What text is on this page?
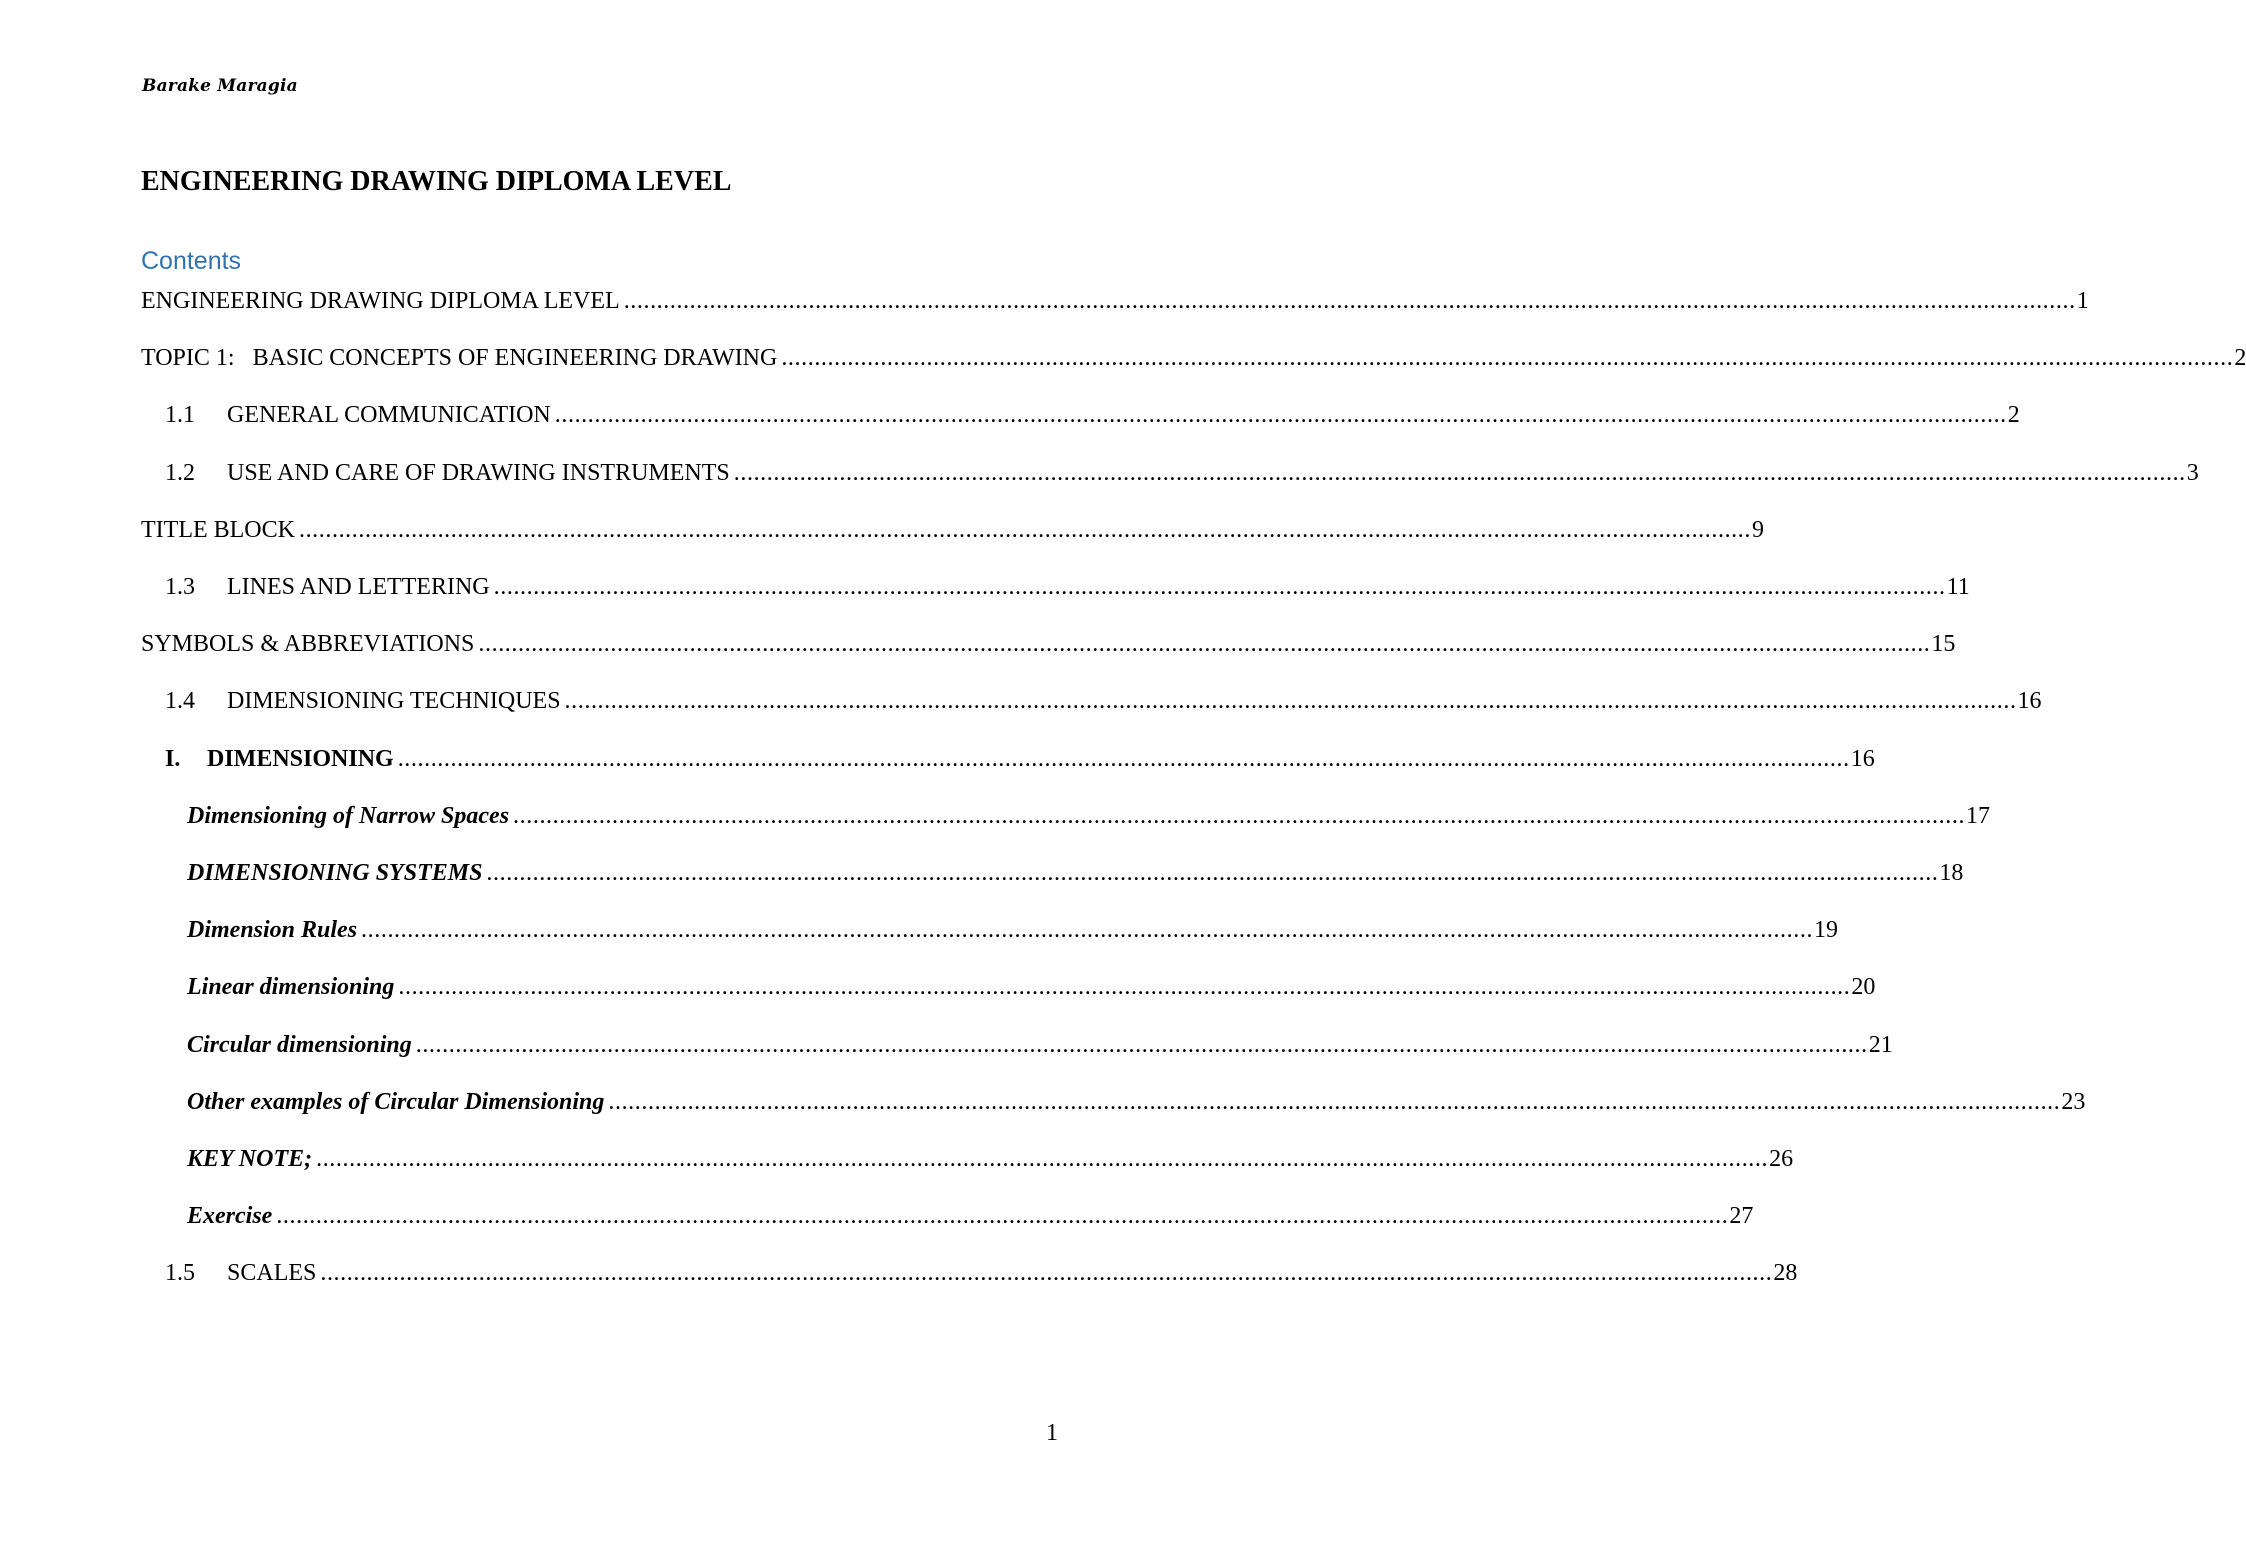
Barake Maragia
ENGINEERING DRAWING DIPLOMA LEVEL
Contents
ENGINEERING DRAWING DIPLOMA LEVEL ............................................................................................................................................................................................................................ 1
TOPIC 1:   BASIC CONCEPTS OF ENGINEERING DRAWING ............................................................................................................................................................................................................................ 2
1.1	GENERAL COMMUNICATION ............................................................................................................................................................................................................................ 2
1.2	USE AND CARE OF DRAWING INSTRUMENTS ............................................................................................................................................................................................................................ 3
TITLE BLOCK ............................................................................................................................................................................................................................ 9
1.3	LINES AND LETTERING ............................................................................................................................................................................................................................ 11
SYMBOLS & ABBREVIATIONS ............................................................................................................................................................................................................................ 15
1.4	DIMENSIONING TECHNIQUES ............................................................................................................................................................................................................................ 16
I.	DIMENSIONING ............................................................................................................................................................................................................................ 16
Dimensioning of Narrow Spaces ............................................................................................................................................................................................................................ 17
DIMENSIONING SYSTEMS ............................................................................................................................................................................................................................ 18
Dimension Rules ............................................................................................................................................................................................................................ 19
Linear dimensioning ............................................................................................................................................................................................................................ 20
Circular dimensioning ............................................................................................................................................................................................................................ 21
Other examples of Circular Dimensioning ............................................................................................................................................................................................................................ 23
KEY NOTE; ............................................................................................................................................................................................................................ 26
Exercise ............................................................................................................................................................................................................................ 27
1.5	SCALES ............................................................................................................................................................................................................................ 28
1
